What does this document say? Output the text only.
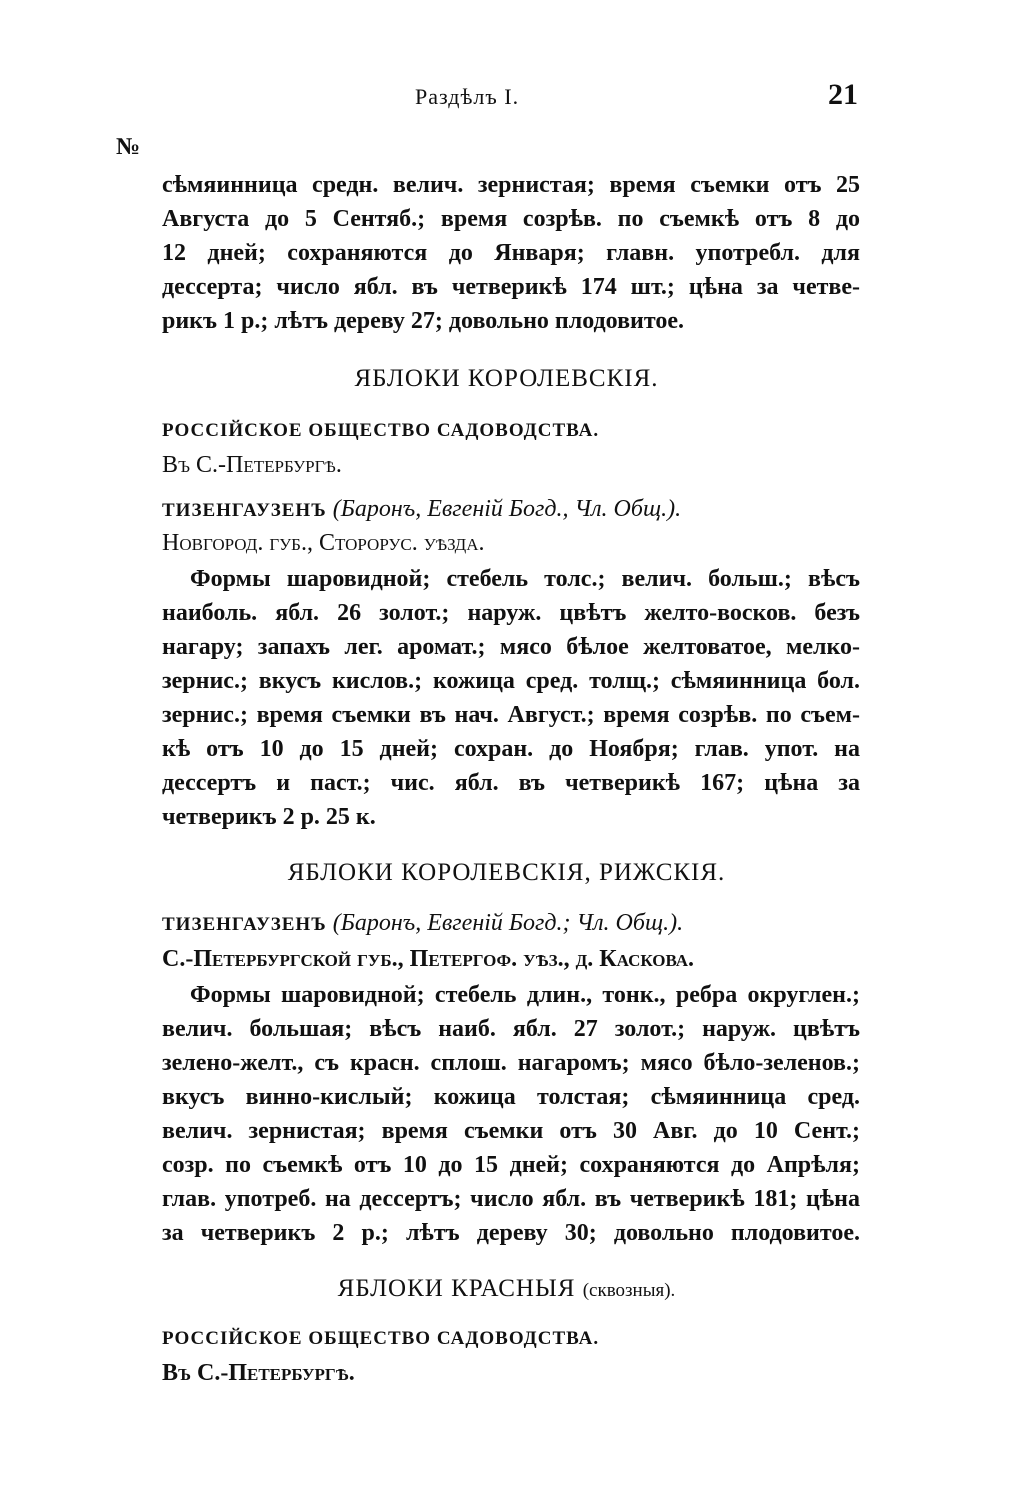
Раздѣлъ I.	21
№
сѣмяинница средн. велич. зернистая; время съемки отъ 25
Августа до 5 Сентяб.; время созрѣв. по съемкѣ отъ 8 до
12 дней; сохраняются до Января; главн. употребл. для
дессерта; число ябл. въ четверикѣ 174 шт.; цѣна за четве-
рикъ 1 р.; лѣтъ дереву 27; довольно плодовитое.
ЯБЛОКИ КОРОЛЕВСКІЯ.
РОССІЙСКОЕ ОБЩЕСТВО САДОВОДСТВА.
Въ С.-Петербургѣ.
ТИЗЕНГАУЗЕНЪ (Баронъ, Евгеній Богд., Чл. Общ.).
Новгород. губ., Сторорус. уѣзда.
Формы шаровидной; стебель толс.; велич. больш.; вѣсъ
наиболь. ябл. 26 золот.; наруж. цвѣтъ желто-восков. безъ
нагару; запахъ лег. аромат.; мясо бѣлое желтоватое, мелко-
зернис.; вкусъ кислов.; кожица сред. толщ.; сѣмяинница бол.
зернис.; время съемки въ нач. Август.; время созрѣв. по съем-
кѣ отъ 10 до 15 дней; сохран. до Ноября; глав. упот. на
дессертъ и паст.; чис. ябл. въ четверикѣ 167; цѣна за
четверикъ 2 р. 25 к.
ЯБЛОКИ КОРОЛЕВСКІЯ, РИЖСКІЯ.
ТИЗЕНГАУЗЕНЪ (Баронъ, Евгеній Богд.; Чл. Общ.).
С.-Петербургской губ., Петергоф. уѣз., д. Каскова.
Формы шаровидной; стебель длин., тонк., ребра округлен.;
велич. большая; вѣсъ наиб. ябл. 27 золот.; наруж. цвѣтъ
зелено-желт., съ красн. сплош. нагаромъ; мясо бѣло-зеленов.;
вкусъ винно-кислый; кожица толстая; сѣмяинница сред.
велич. зернистая; время съемки отъ 30 Авг. до 10 Сент.;
созр. по съемкѣ отъ 10 до 15 дней; сохраняются до Апрѣля;
глав. употреб. на дессертъ; число ябл. въ четверикѣ 181; цѣна
за четверикъ 2 р.; лѣтъ дереву 30; довольно плодовитое.
ЯБЛОКИ КРАСНЫЯ (сквозныя).
РОССІЙСКОЕ ОБЩЕСТВО САДОВОДСТВА.
Въ С.-Петербургѣ.
